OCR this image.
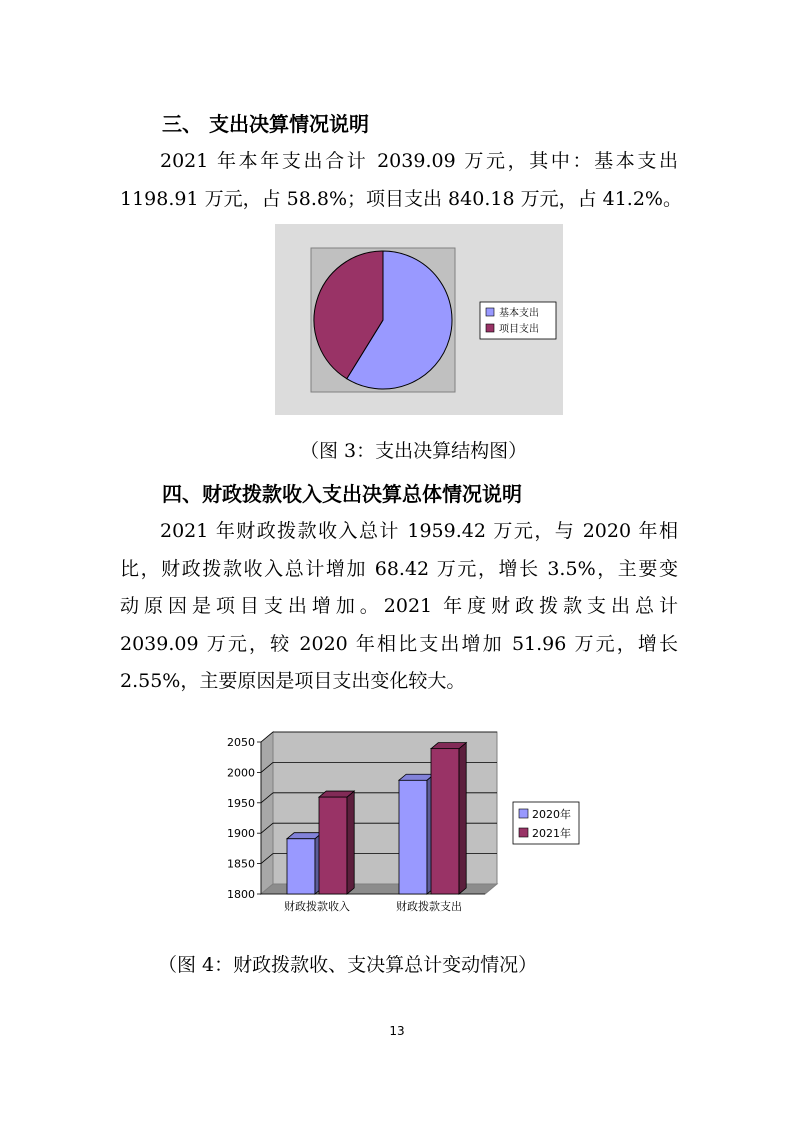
三、 支出决算情况说明
2021 年本年支出合计 2039.09 万元，其中：基本支出
1198.91 万元，占 58.8%；项目支出 840.18 万元，占 41.2%。
基本支出
项目支出
（图 3：支出决算结构图）
四、财政拨款收入支出决算总体情况说明
2021 年财政拨款收入总计 1959.42 万元，与 2020 年相
比，财政拨款收入总计增加 68.42 万元，增长 3.5%，主要变
动原因是项目支出增加。2021 年度财政拨款支出总计
2039.09 万元，较 2020 年相比支出增加 51.96 万元，增长
2.55%，主要原因是项目支出变化较大。
1800
1850
1900
1950
2000
2050
财政拨款收入	财政拨款支出
2020年
2021年
（图 4：财政拨款收、支决算总计变动情况）
13
